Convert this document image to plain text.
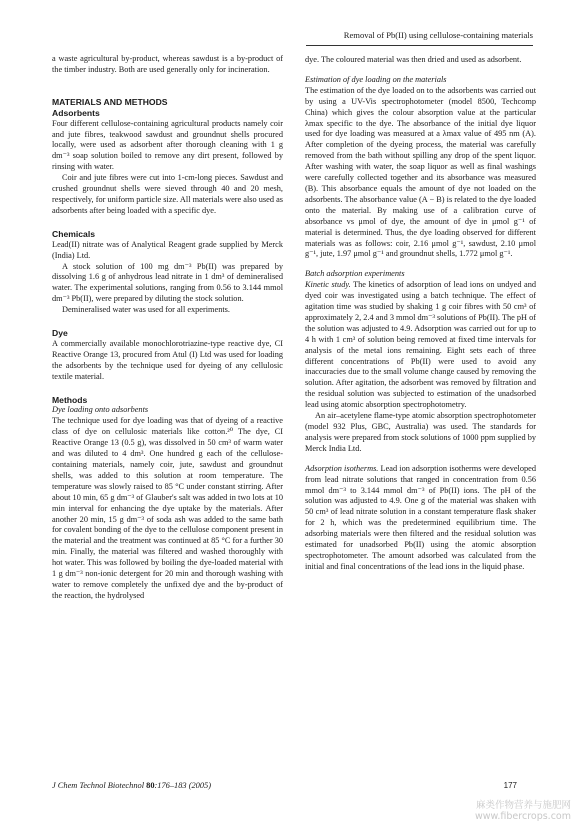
Removal of Pb(II) using cellulose-containing materials

a waste agricultural by-product, whereas sawdust is a by-product of the timber industry. Both are used generally only for incineration.

MATERIALS AND METHODS
Adsorbents

Four different cellulose-containing agricultural products namely coir and jute fibres, teakwood sawdust and groundnut shells procured locally, were used as adsorbent after thorough cleaning with 1 g dm⁻³ soap solution boiled to remove any dirt present, followed by rinsing with water.

Coir and jute fibres were cut into 1-cm-long pieces. Sawdust and crushed groundnut shells were sieved through 40 and 20 mesh, respectively, for uniform particle size. All materials were also used as adsorbents after being loaded with a specific dye.

Chemicals

Lead(II) nitrate was of Analytical Reagent grade supplied by Merck (India) Ltd.

A stock solution of 100 mg dm⁻³ Pb(II) was prepared by dissolving 1.6 g of anhydrous lead nitrate in 1 dm³ of demineralised water. The experimental solutions, ranging from 0.56 to 3.144 mmol dm⁻³ Pb(II), were prepared by diluting the stock solution.

Demineralised water was used for all experiments.

Dye

A commercially available monochlorotriazine-type reactive dye, CI Reactive Orange 13, procured from Atul (I) Ltd was used for loading the adsorbents by the technique used for dyeing of any cellulosic textile material.

Methods
Dye loading onto adsorbents

The technique used for dye loading was that of dyeing of a reactive class of dye on cellulosic materials like cotton.²⁰ The dye, CI Reactive Orange 13 (0.5 g), was dissolved in 50 cm³ of warm water and was diluted to 4 dm³. One hundred g each of the cellulose-containing materials, namely coir, jute, sawdust and groundnut shells, was added to this solution at room temperature. The temperature was slowly raised to 85 °C under constant stirring. After about 10 min, 65 g dm⁻³ of Glauber's salt was added in two lots at 10 min interval for enhancing the dye uptake by the materials. After another 20 min, 15 g dm⁻³ of soda ash was added to the same bath for covalent bonding of the dye to the cellulose component present in the material and the treatment was continued at 85 °C for a further 30 min. Finally, the material was filtered and washed thoroughly with hot water. This was followed by boiling the dye-loaded material with 1 g dm⁻³ non-ionic detergent for 20 min and thorough washing with water to remove completely the unfixed dye and the by-product of the reaction, the hydrolysed

dye. The coloured material was then dried and used as adsorbent.

Estimation of dye loading on the materials

The estimation of the dye loaded on to the adsorbents was carried out by using a UV-Vis spectrophotometer (model 8500, Techcomp China) which gives the colour absorption value at the particular λmax specific to the dye. The absorbance of the initial dye liquor used for dye loading was measured at a λmax value of 495 nm (A). After completion of the dyeing process, the material was carefully removed from the bath without spilling any drop of the spent liquor. After washing with water, the soap liquor as well as final washings were carefully collected together and its absorbance was measured (B). This absorbance equals the amount of dye not loaded on the adsorbents. The absorbance value (A − B) is related to the dye loaded onto the material. By making use of a calibration curve of absorbance vs μmol of dye, the amount of dye in μmol g⁻¹ of material is determined. Thus, the dye loading observed for different materials was as follows: coir, 2.16 μmol g⁻¹, sawdust, 2.10 μmol g⁻¹, jute, 1.97 μmol g⁻¹ and groundnut shells, 1.772 μmol g⁻¹.

Batch adsorption experiments

Kinetic study. The kinetics of adsorption of lead ions on undyed and dyed coir was investigated using a batch technique. The effect of agitation time was studied by shaking 1 g coir fibres with 50 cm³ of approximately 2, 2.4 and 3 mmol dm⁻³ solutions of Pb(II). The pH of the solution was adjusted to 4.9. Adsorption was carried out for up to 4 h with 1 cm³ of solution being removed at fixed time intervals for analysis of the metal ions remaining. Eight sets each of three different concentrations of Pb(II) were used to avoid any inaccuracies due to the small volume change caused by removing the solution. After agitation, the adsorbent was removed by filtration and the residual solution was subjected to estimation of the unadsorbed lead using atomic absorption spectrophotometry.

An air–acetylene flame-type atomic absorption spectrophotometer (model 932 Plus, GBC, Australia) was used. The standards for analysis were prepared from stock solutions of 1000 ppm supplied by Merck India Ltd.

Adsorption isotherms. Lead ion adsorption isotherms were developed from lead nitrate solutions that ranged in concentration from 0.56 mmol dm⁻³ to 3.144 mmol dm⁻³ of Pb(II) ions. The pH of the solution was adjusted to 4.9. One g of the material was shaken with 50 cm³ of lead nitrate solution in a constant temperature flask shaker for 2 h, which was the predetermined equilibrium time. The adsorbing materials were then filtered and the residual solution was estimated for unadsorbed Pb(II) using the atomic absorption spectrophotometer. The amount adsorbed was calculated from the initial and final concentrations of the lead ions in the liquid phase.

J Chem Technol Biotechnol 80:176–183 (2005)	177
麻类作物营养与施肥网
www.fibercrops.com
